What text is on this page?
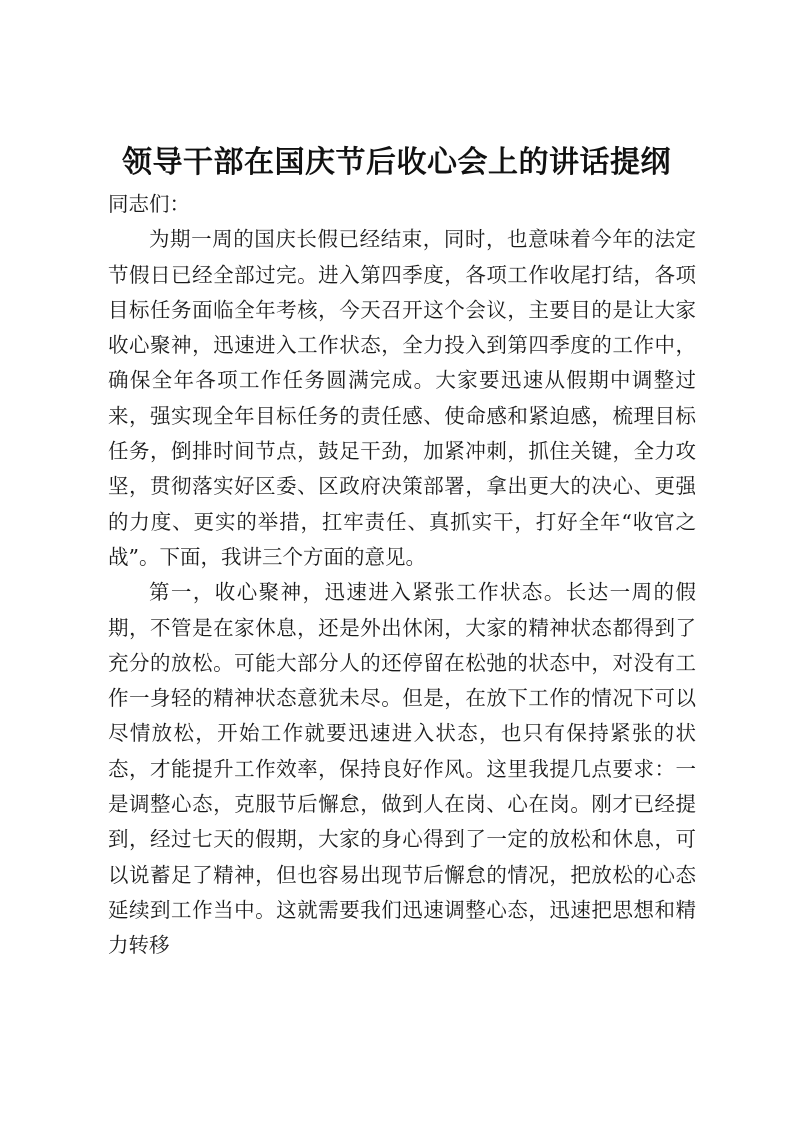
领导干部在国庆节后收心会上的讲话提纲

同志们：

为期一周的国庆长假已经结束，同时，也意味着今年的法定节假日已经全部过完。进入第四季度，各项工作收尾打结，各项目标任务面临全年考核，今天召开这个会议，主要目的是让大家收心聚神，迅速进入工作状态，全力投入到第四季度的工作中，确保全年各项工作任务圆满完成。大家要迅速从假期中调整过来，强实现全年目标任务的责任感、使命感和紧迫感，梳理目标任务，倒排时间节点，鼓足干劲，加紧冲刺，抓住关键，全力攻坚，贯彻落实好区委、区政府决策部署，拿出更大的决心、更强的力度、更实的举措，扛牢责任、真抓实干，打好全年“收官之战”。下面，我讲三个方面的意见。

第一，收心聚神，迅速进入紧张工作状态。长达一周的假期，不管是在家休息，还是外出休闲，大家的精神状态都得到了充分的放松。可能大部分人的还停留在松弛的状态中，对没有工作一身轻的精神状态意犹未尽。但是，在放下工作的情况下可以尽情放松，开始工作就要迅速进入状态，也只有保持紧张的状态，才能提升工作效率，保持良好作风。这里我提几点要求：一是调整心态，克服节后懈怠，做到人在岗、心在岗。刚才已经提到，经过七天的假期，大家的身心得到了一定的放松和休息，可以说蓄足了精神，但也容易出现节后懈怠的情况，把放松的心态延续到工作当中。这就需要我们迅速调整心态，迅速把思想和精力转移
